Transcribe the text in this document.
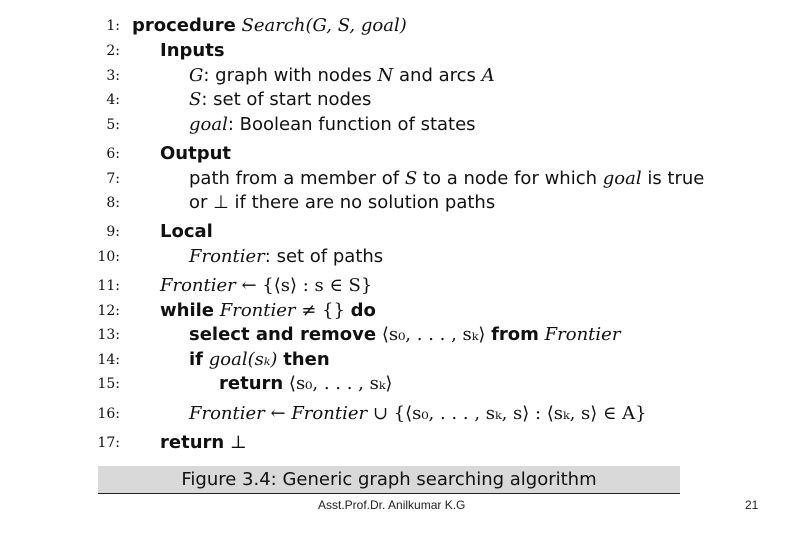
1: procedure Search(G, S, goal)
2: Inputs
3:	G: graph with nodes N and arcs A
4:	S: set of start nodes
5:	goal: Boolean function of states
6: Output
7:	path from a member of S to a node for which goal is true
8:	or ⊥ if there are no solution paths
9: Local
10:	Frontier: set of paths
11: Frontier ← {⟨s⟩ : s ∈ S}
12: while Frontier ≠ {} do
13:	select and remove ⟨s₀, . . . , sₖ⟩ from Frontier
14:	if goal(sₖ) then
15:	return ⟨s₀, . . . , sₖ⟩
16:	Frontier ← Frontier ∪ {⟨s₀, . . . , sₖ, s⟩ : ⟨sₖ, s⟩ ∈ A}
17: return ⊥
Figure 3.4: Generic graph searching algorithm
Asst.Prof.Dr. Anilkumar K.G	21
